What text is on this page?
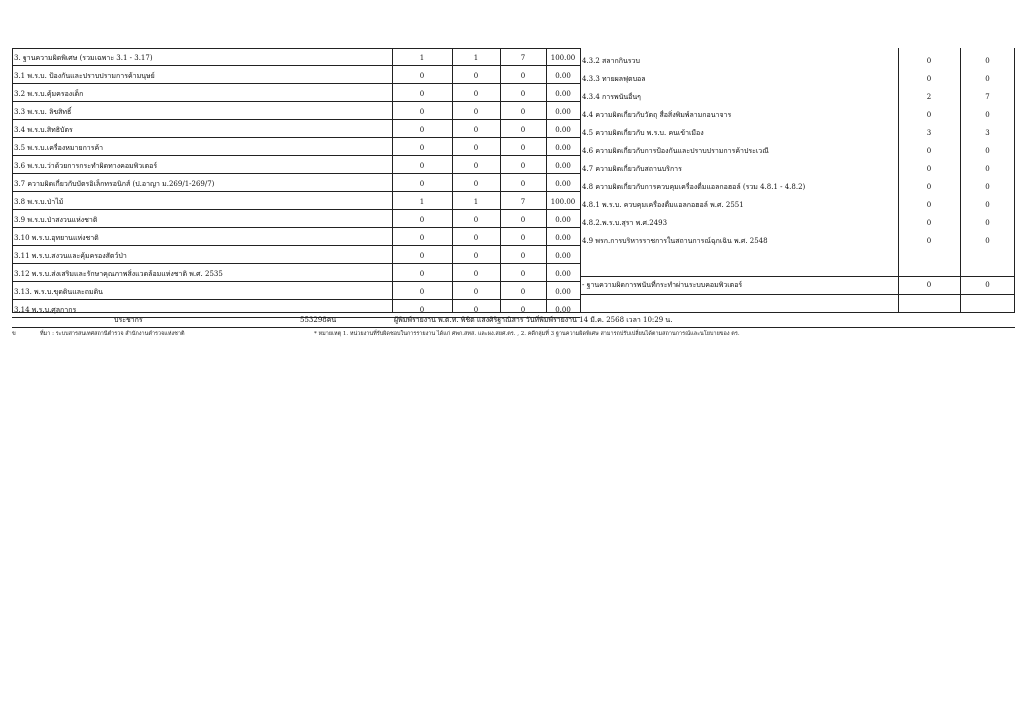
3. ฐานความผิดพิเศษ (รวมเฉพาะ 3.1 - 3.17)	1	1	7	100.00
3.1 พ.ร.บ. ป้องกันและปราบปรามการค้ามนุษย์	0	0	0	0.00
3.2 พ.ร.บ.คุ้มครองเด็ก	0	0	0	0.00
3.3 พ.ร.บ. ลิขสิทธิ์	0	0	0	0.00
3.4 พ.ร.บ.สิทธิบัตร	0	0	0	0.00
3.5 พ.ร.บ.เครื่องหมายการค้า	0	0	0	0.00
3.6 พ.ร.บ.ว่าด้วยการกระทำผิดทางคอมพิวเตอร์	0	0	0	0.00
3.7 ความผิดเกี่ยวกับบัตรอิเล็กทรอนิกส์ (ป.อาญา ม.269/1-269/7)	0	0	0	0.00
3.8 พ.ร.บ.ป่าไม้	1	1	7	100.00
3.9 พ.ร.บ.ป่าสงวนแห่งชาติ	0	0	0	0.00
3.10 พ.ร.บ.อุทยานแห่งชาติ	0	0	0	0.00
3.11 พ.ร.บ.สงวนและคุ้มครองสัตว์ป่า	0	0	0	0.00
3.12 พ.ร.บ.ส่งเสริมและรักษาคุณภาพสิ่งแวดล้อมแห่งชาติ พ.ศ. 2535	0	0	0	0.00
3.13. พ.ร.บ.ขุดดินและถมดิน	0	0	0	0.00
3.14 พ.ร.บ.ศุลกากร	0	0	0	0.00
4.3.2 สลากกินรวบ	0	0
4.3.3 ทายผลฟุตบอล	0	0
4.3.4 การพนันอื่นๆ	2	7
4.4 ความผิดเกี่ยวกับวัตถุ สื่อสิ่งพิมพ์ลามกอนาจาร	0	0
4.5 ความผิดเกี่ยวกับ พ.ร.บ. คนเข้าเมือง	3	3
4.6 ความผิดเกี่ยวกับการป้องกันและปราบปรามการค้าประเวณี	0	0
4.7 ความผิดเกี่ยวกับสถานบริการ	0	0
4.8 ความผิดเกี่ยวกับการควบคุมเครื่องดื่มแอลกอฮอล์ (รวม 4.8.1 - 4.8.2)	0	0
4.8.1 พ.ร.บ. ควบคุมเครื่องดื่มแอลกอฮอล์ พ.ศ. 2551	0	0
4.8.2.พ.ร.บ.สุรา พ.ศ.2493	0	0
4.9 พรก.การบริหารราชการในสถานการณ์ฉุกเฉิน พ.ศ. 2548	0	0
- ฐานความผิดการพนันที่กระทำผ่านระบบคอมพิวเตอร์	0	0
ประชากร	553298คน	ผู้พิมพ์รายงาน พ.ต.ท. พิชิต แสงศิริฐาณิสาร วันที่พิมพ์รายงาน 14 มี.ค. 2568 เวลา 10:29 น.
ข	ที่มา : ระบบสารสนเทศสถานีตำรวจ สำนักงานตำรวจแห่งชาติ	* หมายเหตุ 1. หน่วยงานที่รับผิดชอบในการรายงาน ได้แก่ ศพก.สทส. และผง.สยศ.ตร. , 2. คดีกลุ่มที่ 3 ฐานความผิดพิเศษ สามารถปรับเปลี่ยนได้ตามสถานการณ์และนโยบายของ ตร.
